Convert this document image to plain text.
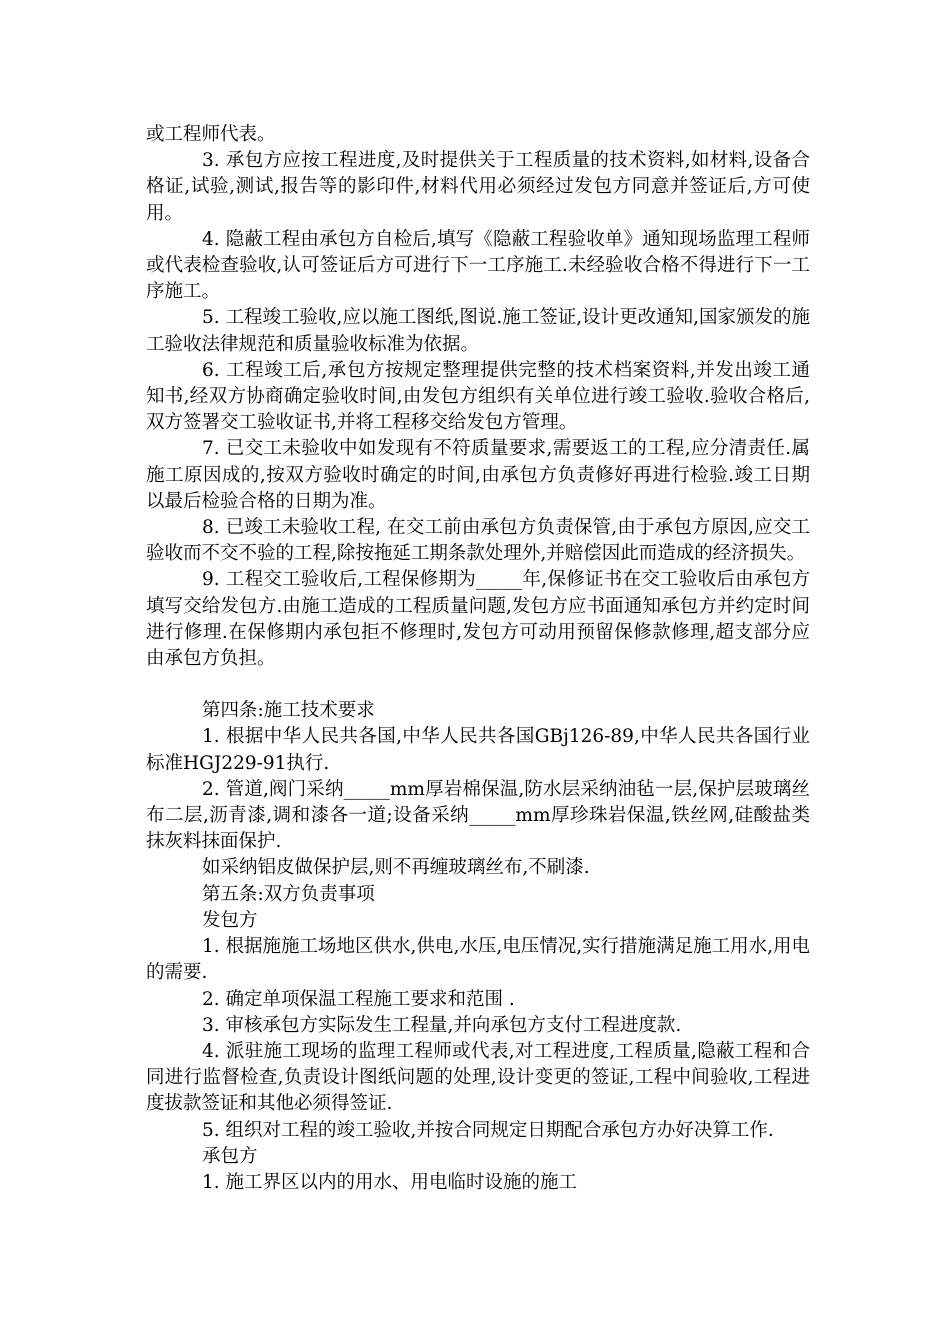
或工程师代表。

3. 承包方应按工程进度,及时提供关于工程质量的技术资料,如材料,设备合格证,试验,测试,报告等的影印件,材料代用必须经过发包方同意并签证后,方可使用。

4. 隐蔽工程由承包方自检后,填写《隐蔽工程验收单》通知现场监理工程师或代表检查验收,认可签证后方可进行下一工序施工.未经验收合格不得进行下一工序施工。

5. 工程竣工验收,应以施工图纸,图说.施工签证,设计更改通知,国家颁发的施工验收法律规范和质量验收标准为依据。

6. 工程竣工后,承包方按规定整理提供完整的技术档案资料,并发出竣工通知书,经双方协商确定验收时间,由发包方组织有关单位进行竣工验收.验收合格后,双方签署交工验收证书,并将工程移交给发包方管理。

7. 已交工未验收中如发现有不符质量要求,需要返工的工程,应分清责任.属施工原因成的,按双方验收时确定的时间,由承包方负责修好再进行检验.竣工日期以最后检验合格的日期为准。

8. 已竣工未验收工程, 在交工前由承包方负责保管,由于承包方原因,应交工验收而不交不验的工程,除按拖延工期条款处理外,并赔偿因此而造成的经济损失。

9. 工程交工验收后,工程保修期为_____年,保修证书在交工验收后由承包方填写交给发包方.由施工造成的工程质量问题,发包方应书面通知承包方并约定时间进行修理.在保修期内承包拒不修理时,发包方可动用预留保修款修理,超支部分应由承包方负担。

第四条:施工技术要求

1. 根据中华人民共各国,中华人民共各国GBj126-89,中华人民共各国行业标准HGJ229-91执行.

2. 管道,阀门采纳_____mm厚岩棉保温,防水层采纳油毡一层,保护层玻璃丝布二层,沥青漆,调和漆各一道;设备采纳_____mm厚珍珠岩保温,铁丝网,硅酸盐类抹灰料抹面保护.

如采纳铝皮做保护层,则不再缠玻璃丝布,不刷漆.

第五条:双方负责事项

发包方

1. 根据施施工场地区供水,供电,水压,电压情况,实行措施满足施工用水,用电的需要.

2. 确定单项保温工程施工要求和范围 .

3. 审核承包方实际发生工程量,并向承包方支付工程进度款.

4. 派驻施工现场的监理工程师或代表,对工程进度,工程质量,隐蔽工程和合同进行监督检查,负责设计图纸问题的处理,设计变更的签证,工程中间验收,工程进度拔款签证和其他必须得签证.

5. 组织对工程的竣工验收,并按合同规定日期配合承包方办好决算工作.

承包方

1. 施工界区以内的用水、用电临时设施的施工
